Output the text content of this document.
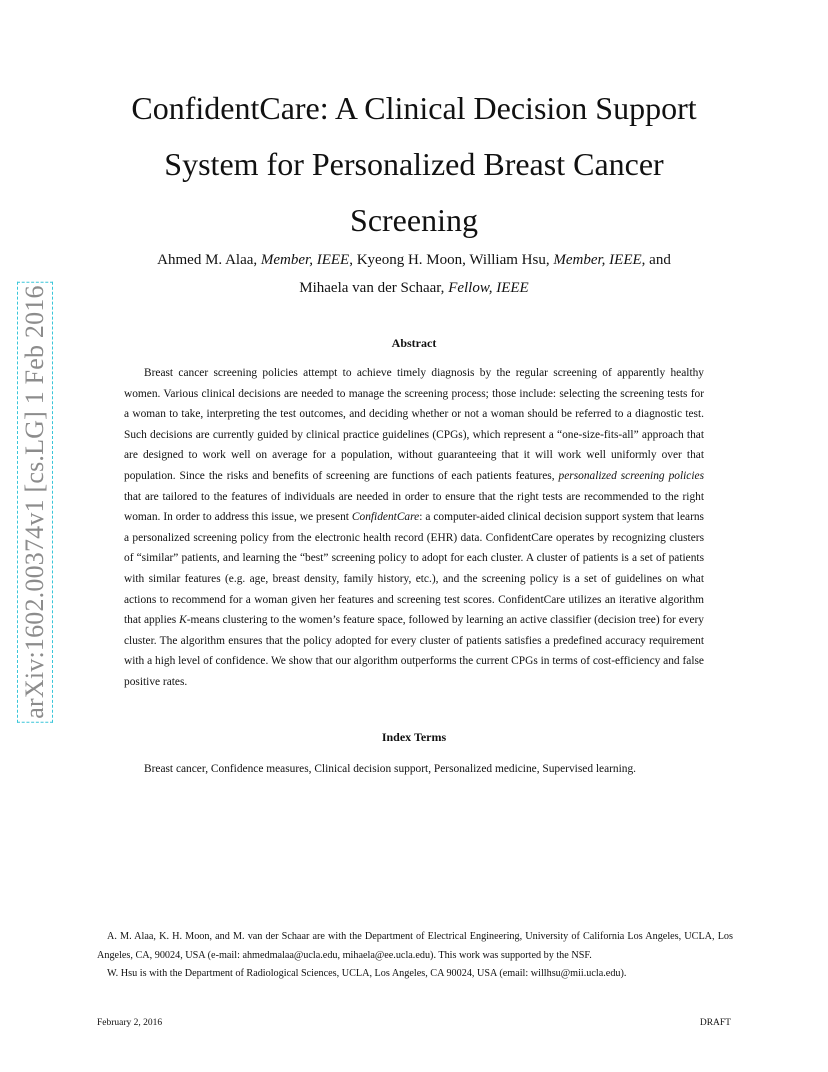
arXiv:1602.00374v1 [cs.LG] 1 Feb 2016
ConfidentCare: A Clinical Decision Support
System for Personalized Breast Cancer
Screening
Ahmed M. Alaa, Member, IEEE, Kyeong H. Moon, William Hsu, Member, IEEE, and
Mihaela van der Schaar, Fellow, IEEE
Abstract

Breast cancer screening policies attempt to achieve timely diagnosis by the regular screening of apparently healthy women. Various clinical decisions are needed to manage the screening process; those include: selecting the screening tests for a woman to take, interpreting the test outcomes, and deciding whether or not a woman should be referred to a diagnostic test. Such decisions are currently guided by clinical practice guidelines (CPGs), which represent a “one-size-fits-all” approach that are designed to work well on average for a population, without guaranteeing that it will work well uniformly over that population. Since the risks and benefits of screening are functions of each patients features, personalized screening policies that are tailored to the features of individuals are needed in order to ensure that the right tests are recommended to the right woman. In order to address this issue, we present ConfidentCare: a computer-aided clinical decision support system that learns a personalized screening policy from the electronic health record (EHR) data. ConfidentCare operates by recognizing clusters of “similar” patients, and learning the “best” screening policy to adopt for each cluster. A cluster of patients is a set of patients with similar features (e.g. age, breast density, family history, etc.), and the screening policy is a set of guidelines on what actions to recommend for a woman given her features and screening test scores. ConfidentCare utilizes an iterative algorithm that applies K-means clustering to the women’s feature space, followed by learning an active classifier (decision tree) for every cluster. The algorithm ensures that the policy adopted for every cluster of patients satisfies a predefined accuracy requirement with a high level of confidence. We show that our algorithm outperforms the current CPGs in terms of cost-efficiency and false positive rates.

Index Terms

Breast cancer, Confidence measures, Clinical decision support, Personalized medicine, Supervised learning.

A. M. Alaa, K. H. Moon, and M. van der Schaar are with the Department of Electrical Engineering, University of California Los Angeles, UCLA, Los Angeles, CA, 90024, USA (e-mail: ahmedmalaa@ucla.edu, mihaela@ee.ucla.edu). This work was supported by the NSF.

W. Hsu is with the Department of Radiological Sciences, UCLA, Los Angeles, CA 90024, USA (email: willhsu@mii.ucla.edu).

February 2, 2016	DRAFT
